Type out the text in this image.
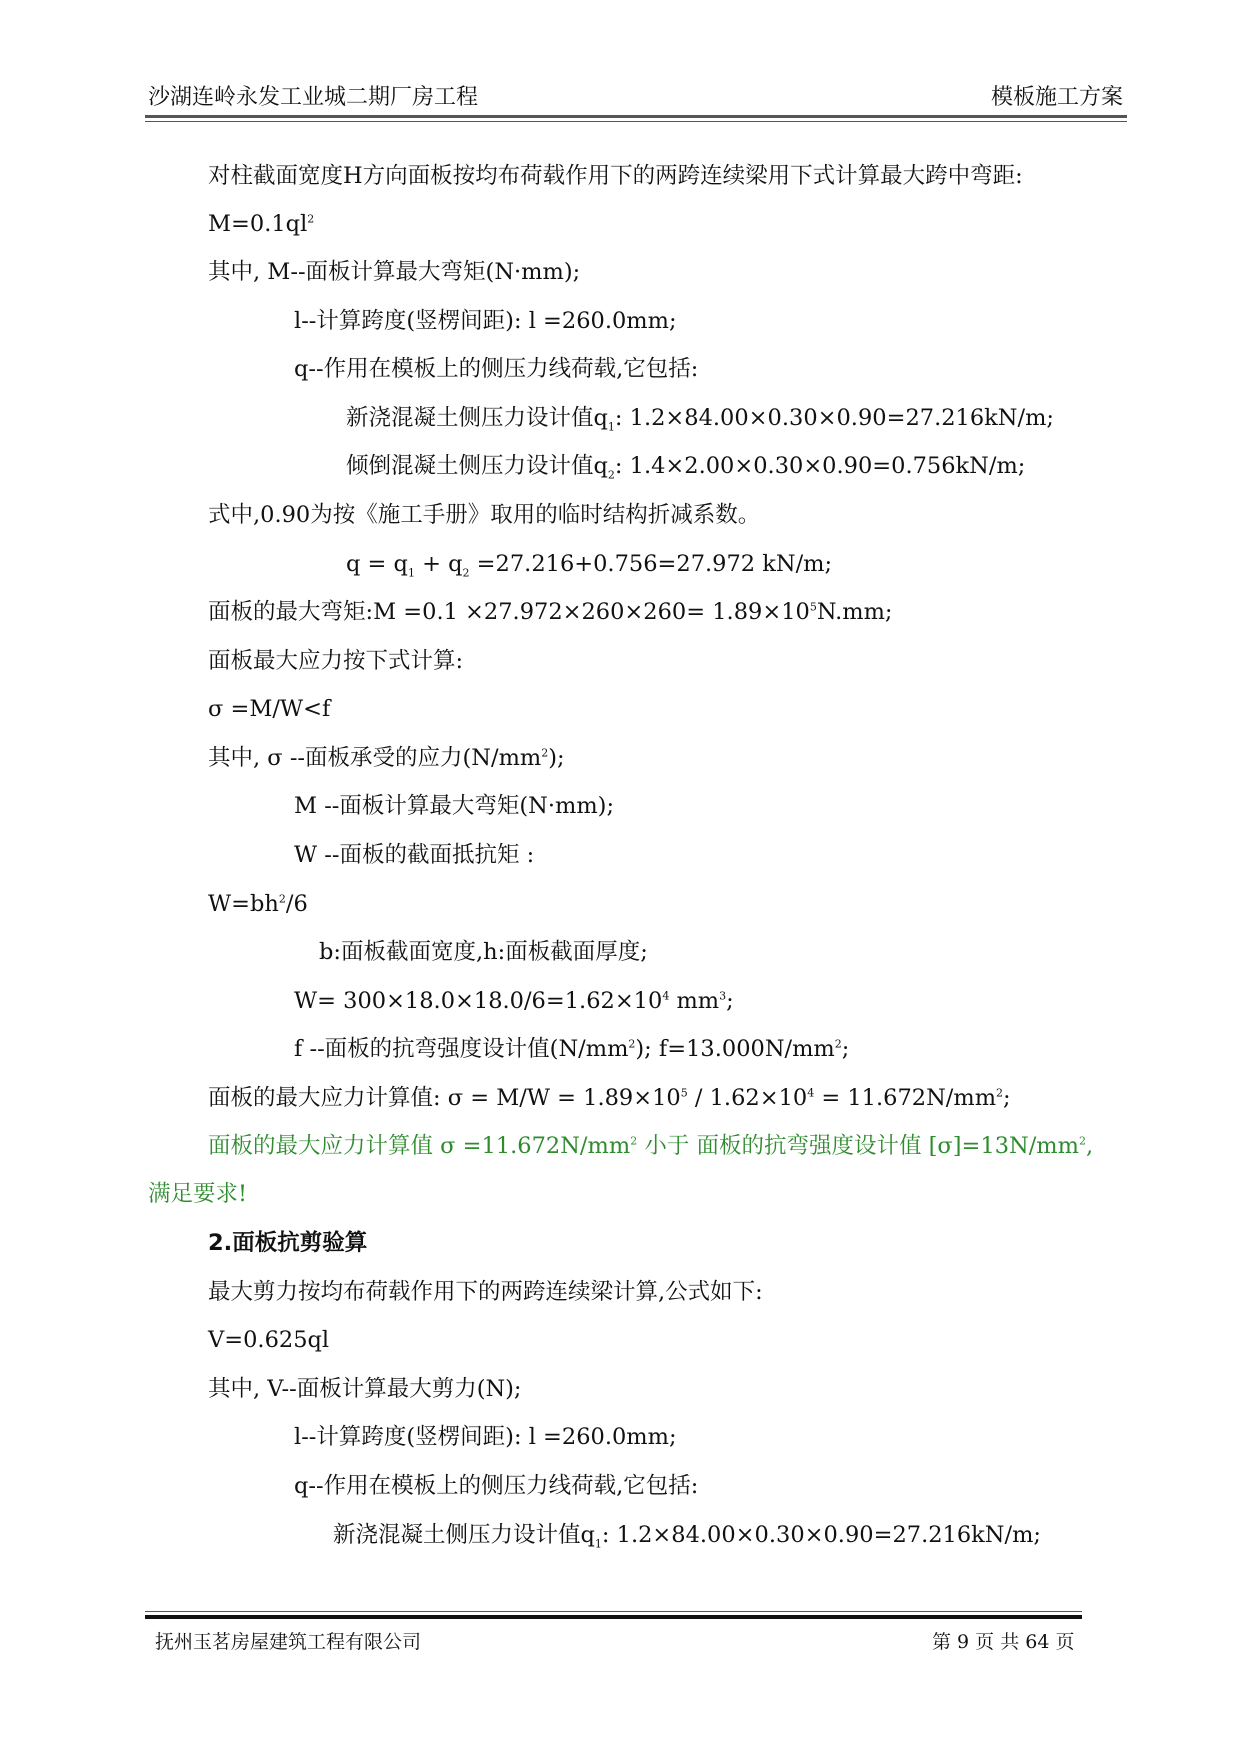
沙湖连岭永发工业城二期厂房工程	模板施工方案
对柱截面宽度H方向面板按均布荷载作用下的两跨连续梁用下式计算最大跨中弯距:
$M=0.1ql^2$
其中, M--面板计算最大弯矩(N·mm);
l--计算跨度(竖楞间距): l =260.0mm;
q--作用在模板上的侧压力线荷载,它包括:
新浇混凝土侧压力设计值$q_1$: 1.2×84.00×0.30×0.90=27.216kN/m;
倾倒混凝土侧压力设计值$q_2$: 1.4×2.00×0.30×0.90=0.756kN/m;
式中,0.90为按《施工手册》取用的临时结构折减系数。
$q = q_1 + q_2 =27.216+0.756=27.972$ kN/m;
面板的最大弯矩:M $=0.1 \times 27.972\times 260\times 260= 1.89\times 10^5N.mm$;
面板最大应力按下式计算:
σ =M/W<f
其中, σ --面板承受的应力$(N/mm^2)$;
M --面板计算最大弯矩(N·mm);
W --面板的截面抵抗矩 :
$W=bh^2/6$
b:面板截面宽度,h:面板截面厚度;
$W= 300\times 18.0\times 18.0/6=1.62\times 10^4$ $mm^3$;
f --面板的抗弯强度设计值$(N/mm^2)$; $f=13.000N/mm^2$;
面板的最大应力计算值: $\sigma = M/W = 1.89\times 10^5 / 1.62\times 10^4 = 11.672N/mm^2$;
面板的最大应力计算值 $\sigma =11.672N/mm^2$ 小于 面板的抗弯强度设计值 $[\sigma]=13N/mm^2$,
满足要求!
2.面板抗剪验算
最大剪力按均布荷载作用下的两跨连续梁计算,公式如下:
V=0.625ql
其中, V--面板计算最大剪力(N);
l--计算跨度(竖楞间距): l =260.0mm;
q--作用在模板上的侧压力线荷载,它包括:
新浇混凝土侧压力设计值$q_1$: 1.2×84.00×0.30×0.90=27.216kN/m;
抚州玉茗房屋建筑工程有限公司	第 9 页 共 64 页
